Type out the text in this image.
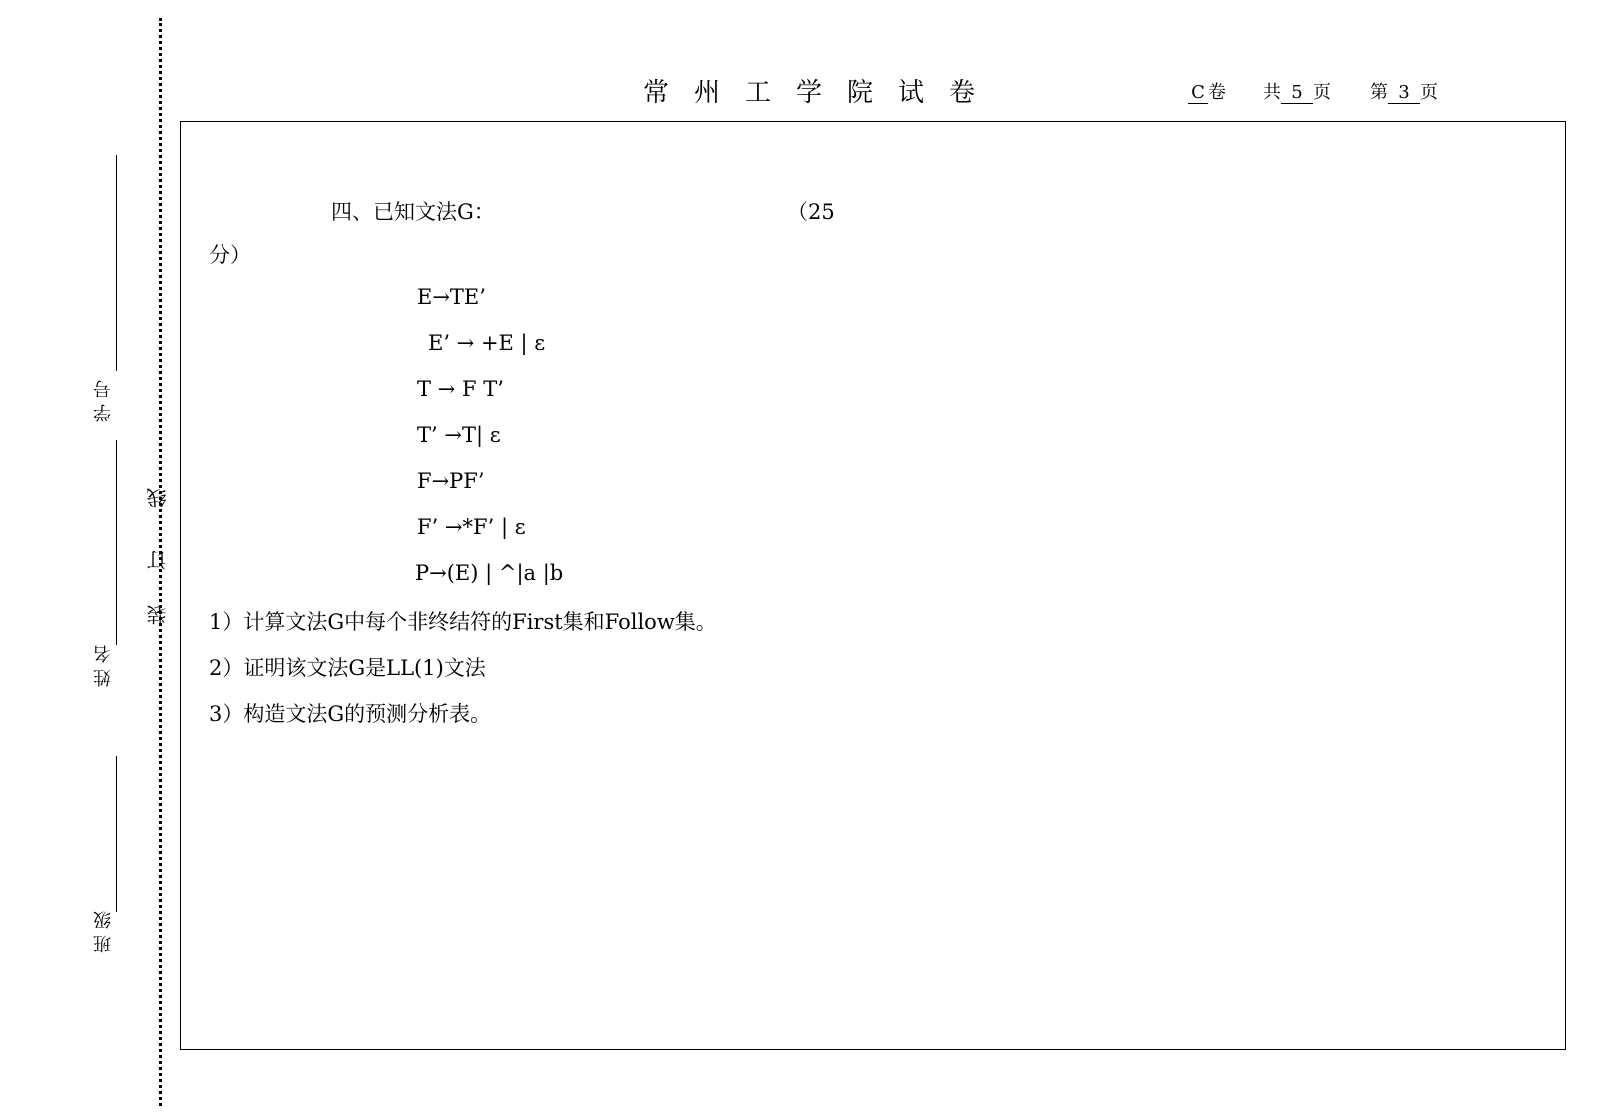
常州工学院试卷	C 卷 共 5 页 第 3 页
装
订
线
班 级
姓 名
学 号
四、已知文法G：	（25
分）
E→TE’
E’ → +E | ε
T → F T’
T’ →T| ε
F→PF’
F’ →*F’ | ε
P→(E) | ^|a |b
1）计算文法G中每个非终结符的First集和Follow集。
2）证明该文法G是LL(1)文法
3）构造文法G的预测分析表。
